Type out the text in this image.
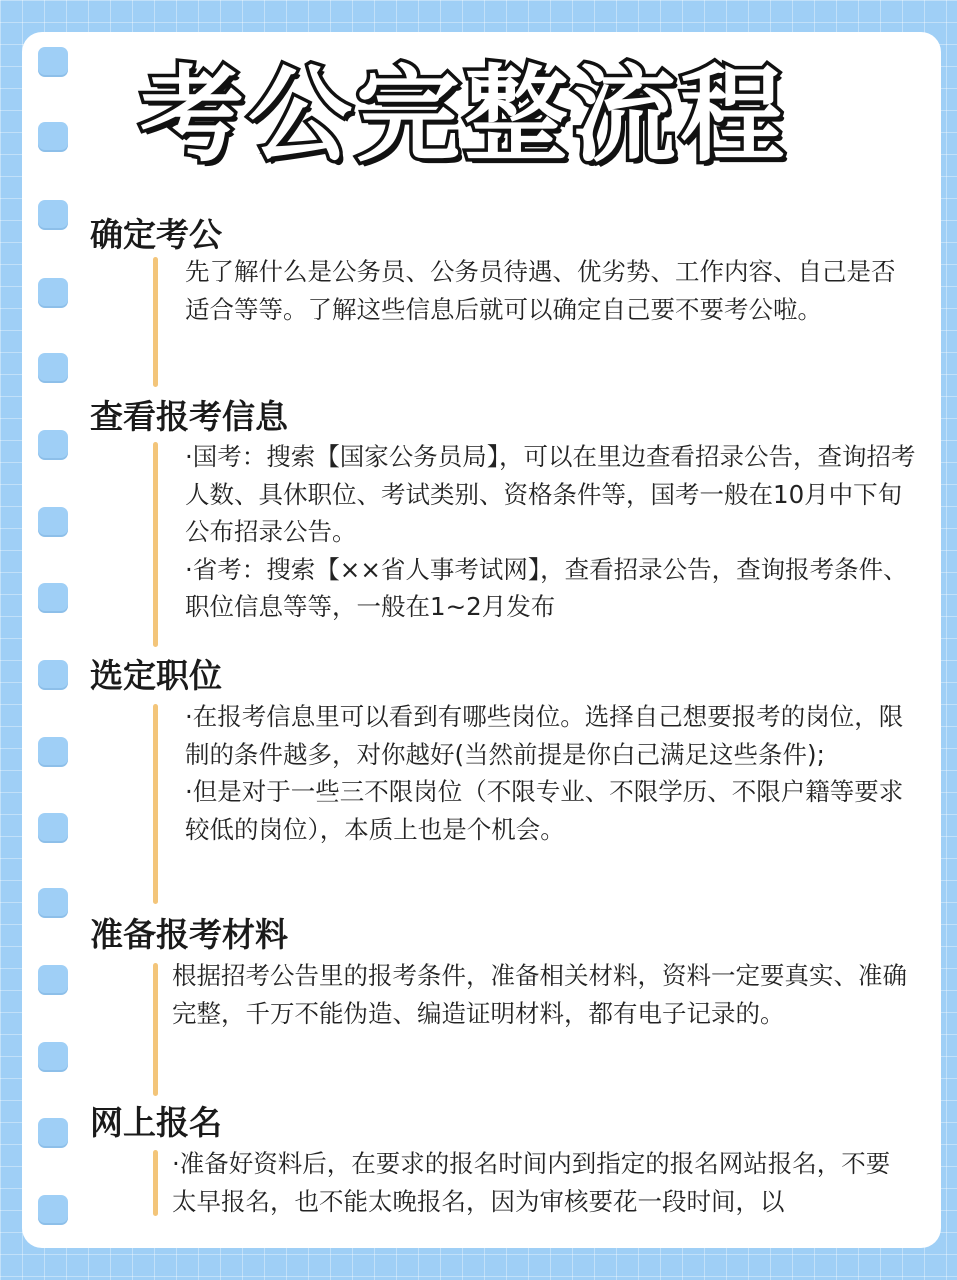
考公完整流程
确定考公

先了解什么是公务员、公务员待遇、优劣势、工作内容、自己是否适合等等。了解这些信息后就可以确定自己要不要考公啦。

查看报考信息

·国考：搜索【国家公务员局】，可以在里边查看招录公告，查询招考人数、具休职位、考试类别、资格条件等，国考一般在10月中下旬公布招录公告。

·省考：搜索【××省人事考试网】，查看招录公告，查询报考条件、职位信息等等，一般在1~2月发布

选定职位

·在报考信息里可以看到有哪些岗位。选择自己想要报考的岗位，限制的条件越多，对你越好(当然前提是你白己满足这些条件);

·但是对于一些三不限岗位（不限专业、不限学历、不限户籍等要求较低的岗位），本质上也是个机会。

准备报考材料

根据招考公告里的报考条件，准备相关材料，资料一定要真实、准确完整，千万不能伪造、编造证明材料，都有电子记录的。

网上报名

·准备好资料后，在要求的报名时间内到指定的报名网站报名，不要太早报名，也不能太晚报名，因为审核要花一段时间，以
